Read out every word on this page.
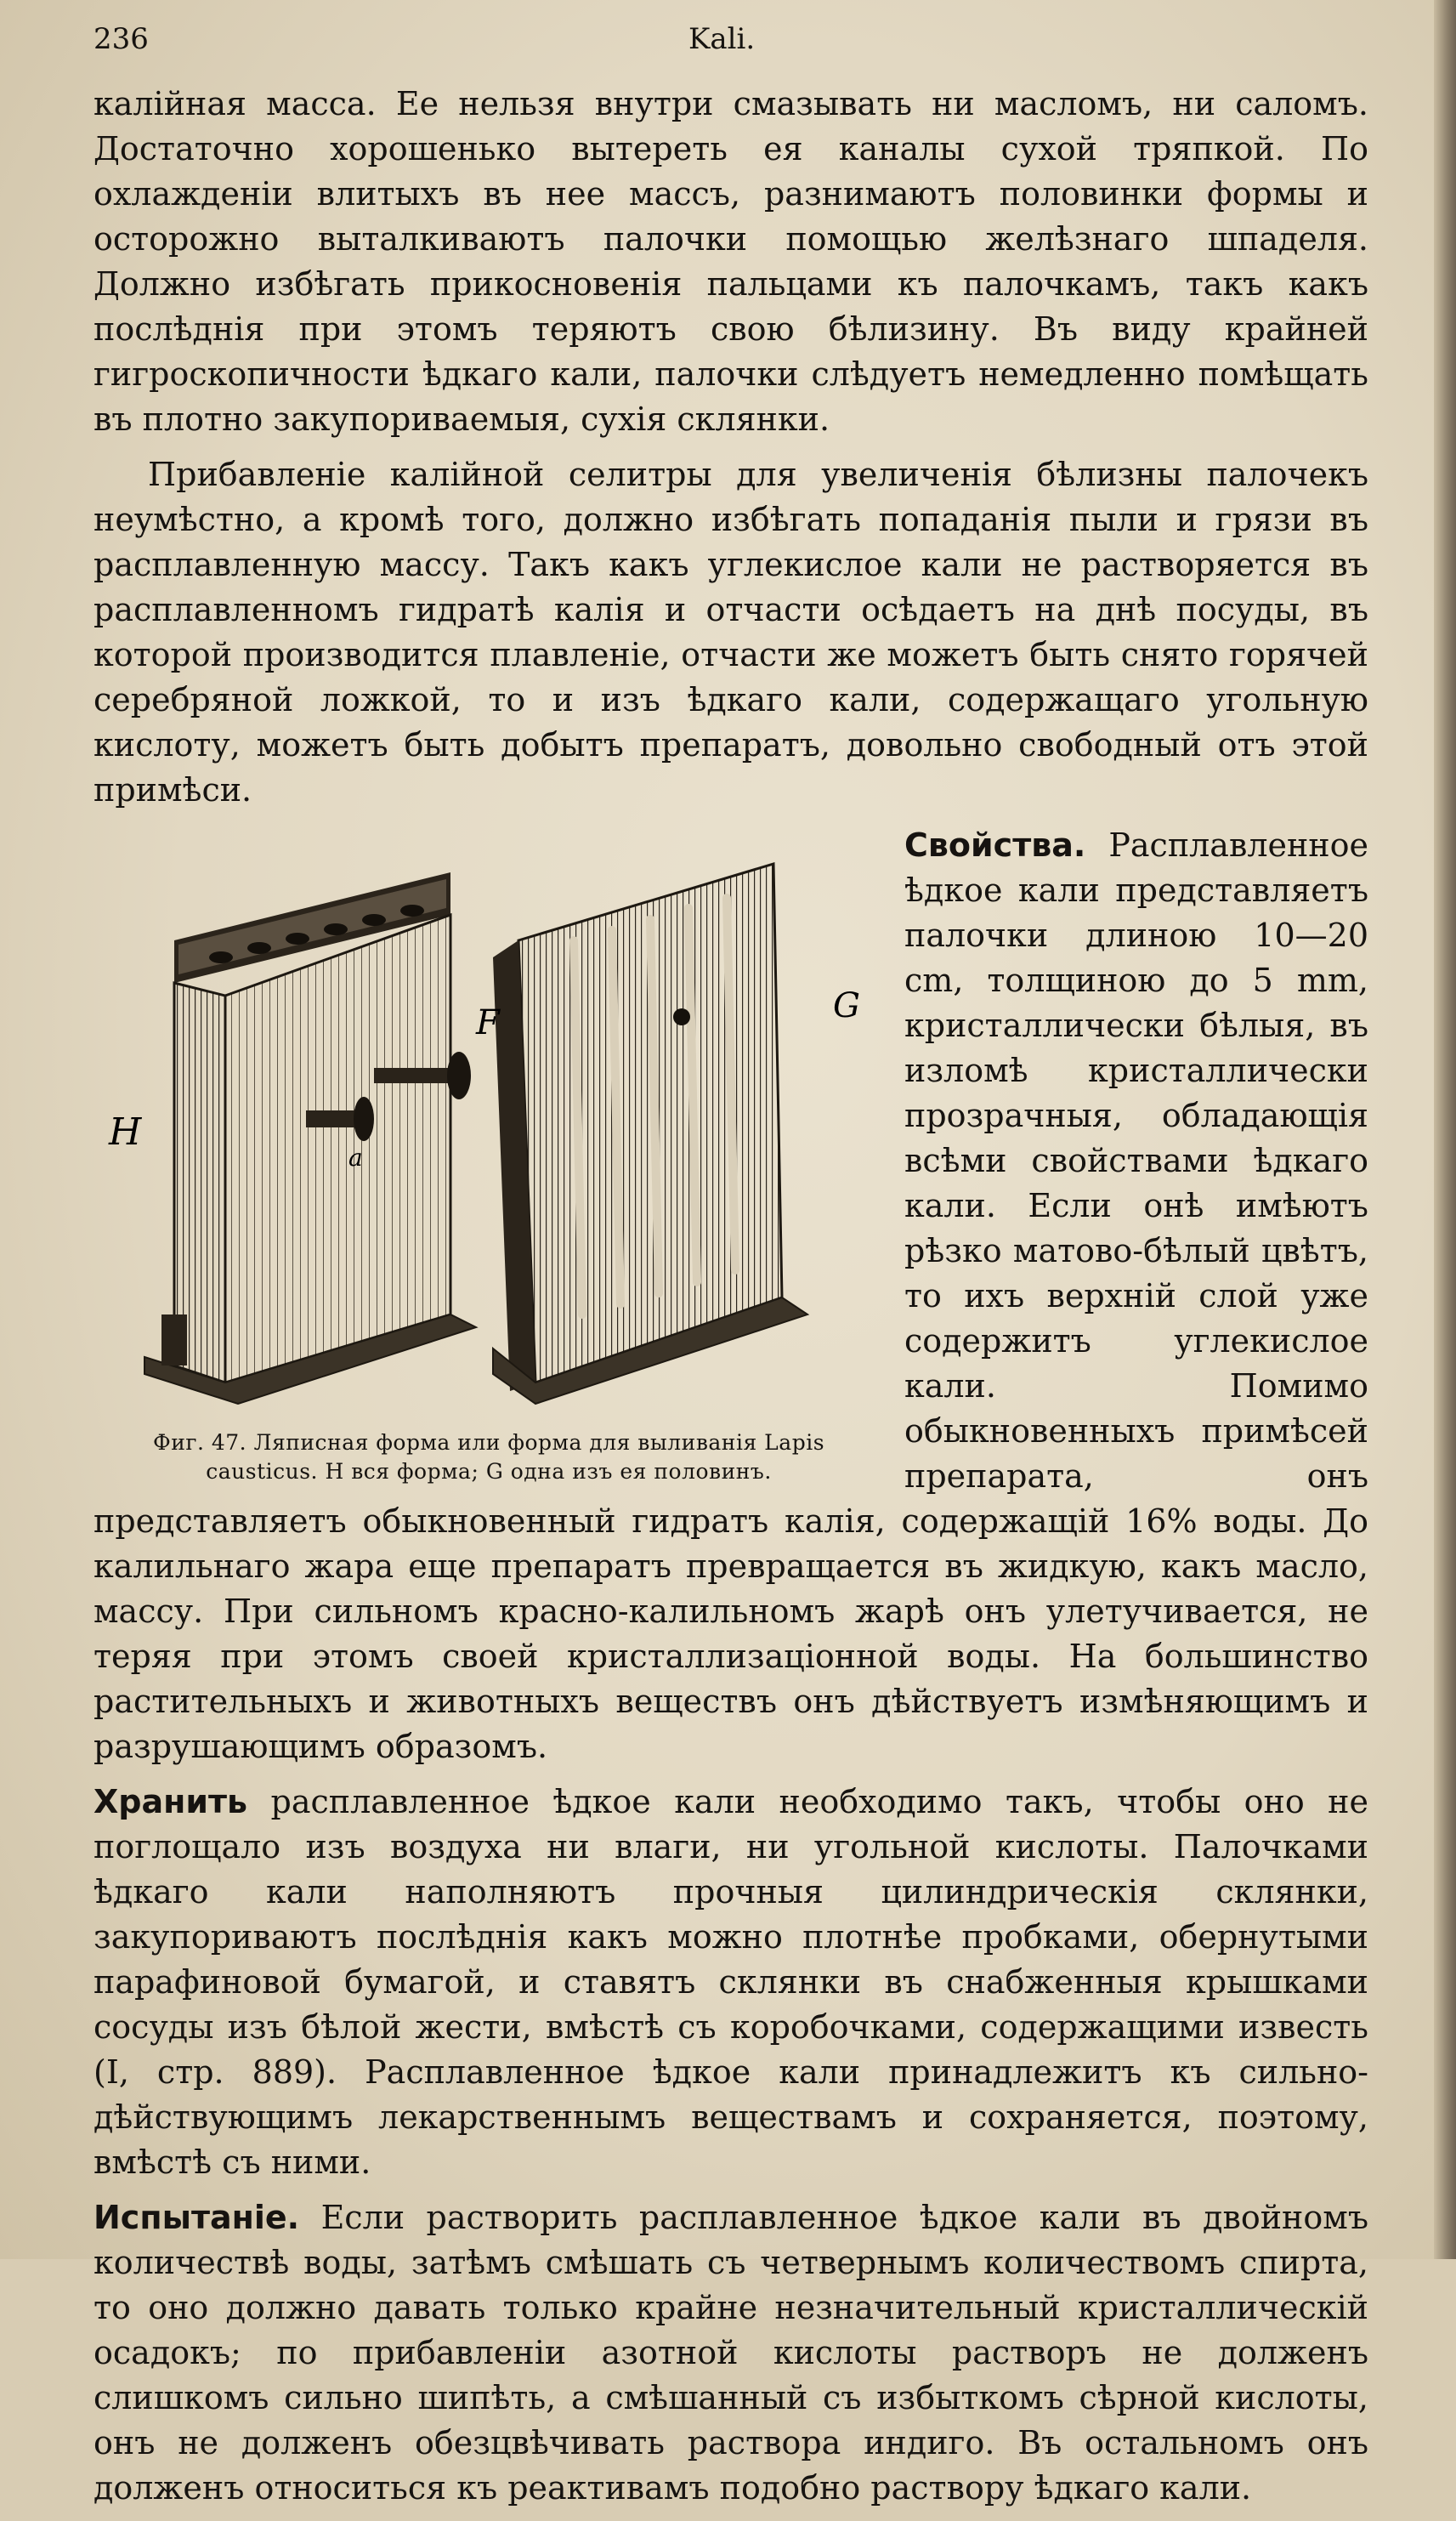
236	Kali.

калійная масса. Ее нельзя внутри смазывать ни масломъ, ни саломъ. Достаточно хорошенько вытереть ея каналы сухой тряпкой. По охлажденіи влитыхъ въ нее массъ, разнимаютъ половинки формы и осторожно выталкиваютъ палочки помощью желѣзнаго шпаделя. Должно избѣгать прикосновенія пальцами къ палочкамъ, такъ какъ послѣднія при этомъ теряютъ свою бѣлизину. Въ виду крайней гигроскопичности ѣдкаго кали, палочки слѣдуетъ немедленно помѣщать въ плотно закупориваемыя, сухія склянки.

Прибавленіе калійной селитры для увеличенія бѣлизны палочекъ неумѣстно, а кромѣ того, должно избѣгать попаданія пыли и грязи въ расплавленную массу. Такъ какъ углекислое кали не растворяется въ расплавленномъ гидратѣ калія и отчасти осѣдаетъ на днѣ посуды, въ которой производится плавленіе, отчасти же можетъ быть снято горячей серебряной ложкой, то и изъ ѣдкаго кали, содержащаго угольную кислоту, можетъ быть добытъ препаратъ, довольно свободный отъ этой примѣси.

H
F	G
a
Фиг. 47. Ляписная форма или форма для выливанія Lapis causticus. H вся форма; G одна изъ ея половинъ.

Свойства. Расплавленное ѣдкое кали представляетъ палочки длиною 10—20 cm, толщиною до 5 mm, кристаллически бѣлыя, въ изломѣ кристаллически прозрачныя, обладающія всѣми свойствами ѣдкаго кали. Если онѣ имѣютъ рѣзко матово-бѣлый цвѣтъ, то ихъ верхній слой уже содержитъ углекислое кали. Помимо обыкновенныхъ примѣсей препарата, онъ представляетъ обыкновенный гидратъ калія, содержащій 16% воды. До калильнаго жара еще препаратъ превращается въ жидкую, какъ масло, массу. При сильномъ красно-калильномъ жарѣ онъ улетучивается, не теряя при этомъ своей кристаллизаціонной воды. На большинство растительныхъ и животныхъ веществъ онъ дѣйствуетъ измѣняющимъ и разрушающимъ образомъ.

Хранить расплавленное ѣдкое кали необходимо такъ, чтобы оно не поглощало изъ воздуха ни влаги, ни угольной кислоты. Палочками ѣдкаго кали наполняютъ прочныя цилиндрическія склянки, закупориваютъ послѣднія какъ можно плотнѣе пробками, обернутыми парафиновой бумагой, и ставятъ склянки въ снабженныя крышками сосуды изъ бѣлой жести, вмѣстѣ съ коробочками, содержащими известь (I, стр. 889). Расплавленное ѣдкое кали принадлежитъ къ сильно-дѣйствующимъ лекарственнымъ веществамъ и сохраняется, поэтому, вмѣстѣ съ ними.

Испытаніе. Если растворить расплавленное ѣдкое кали въ двойномъ количествѣ воды, затѣмъ смѣшать съ четвернымъ количествомъ спирта, то оно должно давать только крайне незначительный кристаллическій осадокъ; по прибавленіи азотной кислоты растворъ не долженъ слишкомъ сильно шипѣть, а смѣшанный съ избыткомъ сѣрной кислоты, онъ не долженъ обезцвѣчивать раствора индиго. Въ остальномъ онъ долженъ относиться къ реактивамъ подобно раствору ѣдкаго кали.
